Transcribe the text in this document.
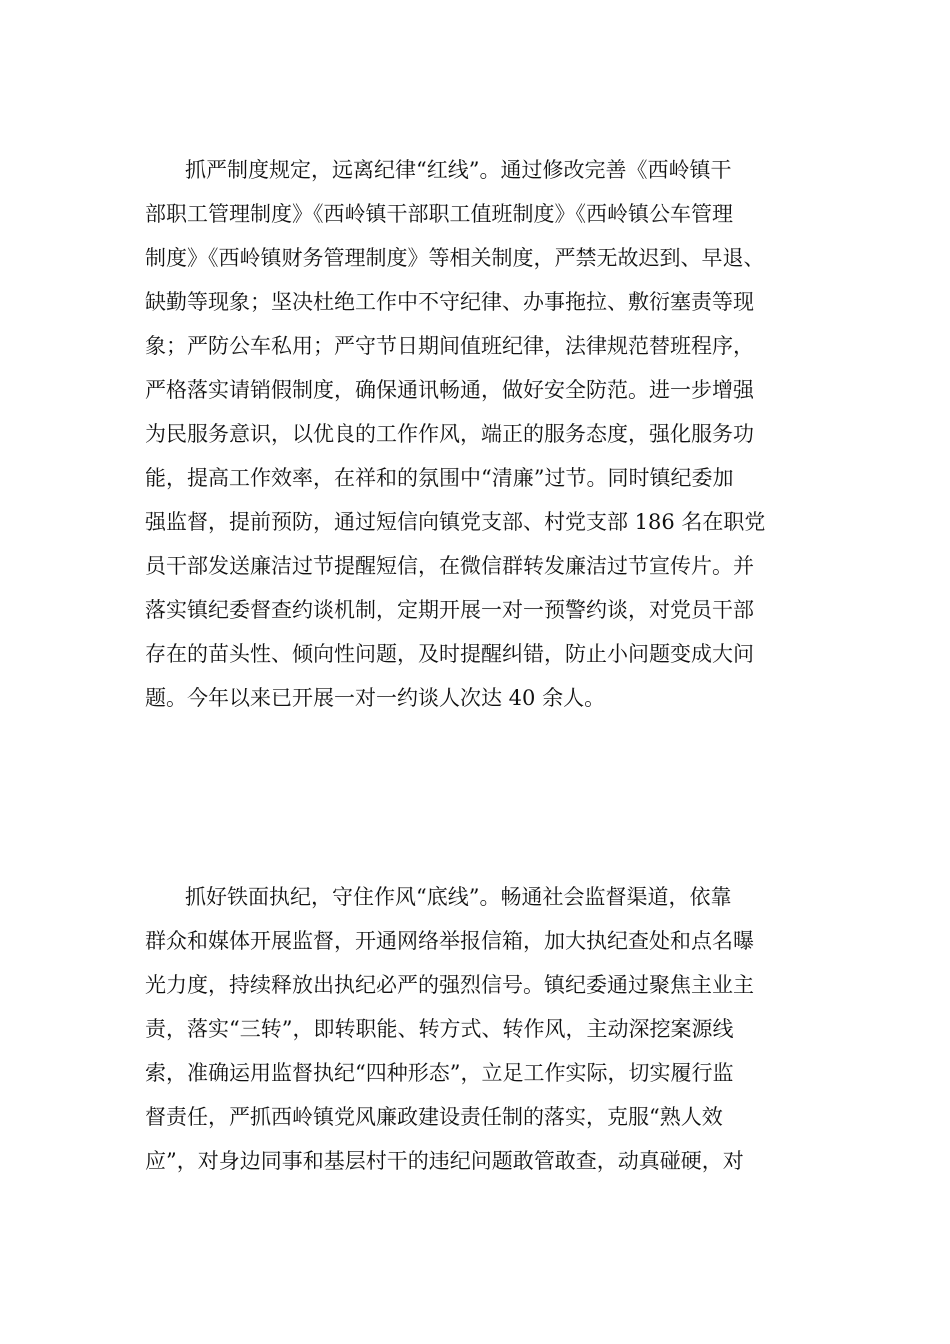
抓严制度规定，远离纪律“红线”。通过修改完善《西岭镇干
部职工管理制度》《西岭镇干部职工值班制度》《西岭镇公车管理
制度》《西岭镇财务管理制度》等相关制度，严禁无故迟到、早退、
缺勤等现象；坚决杜绝工作中不守纪律、办事拖拉、敷衍塞责等现
象；严防公车私用；严守节日期间值班纪律，法律规范替班程序，
严格落实请销假制度，确保通讯畅通，做好安全防范。进一步增强
为民服务意识，以优良的工作作风，端正的服务态度，强化服务功
能，提高工作效率，在祥和的氛围中“清廉”过节。同时镇纪委加
强监督，提前预防，通过短信向镇党支部、村党支部 186 名在职党
员干部发送廉洁过节提醒短信，在微信群转发廉洁过节宣传片。并
落实镇纪委督查约谈机制，定期开展一对一预警约谈，对党员干部
存在的苗头性、倾向性问题，及时提醒纠错，防止小问题变成大问
题。今年以来已开展一对一约谈人次达 40 余人。
抓好铁面执纪，守住作风“底线”。畅通社会监督渠道，依靠
群众和媒体开展监督，开通网络举报信箱，加大执纪查处和点名曝
光力度，持续释放出执纪必严的强烈信号。镇纪委通过聚焦主业主
责，落实“三转”，即转职能、转方式、转作风，主动深挖案源线
索，准确运用监督执纪“四种形态”，立足工作实际，切实履行监
督责任，严抓西岭镇党风廉政建设责任制的落实，克服“熟人效
应”，对身边同事和基层村干的违纪问题敢管敢查，动真碰硬，对
